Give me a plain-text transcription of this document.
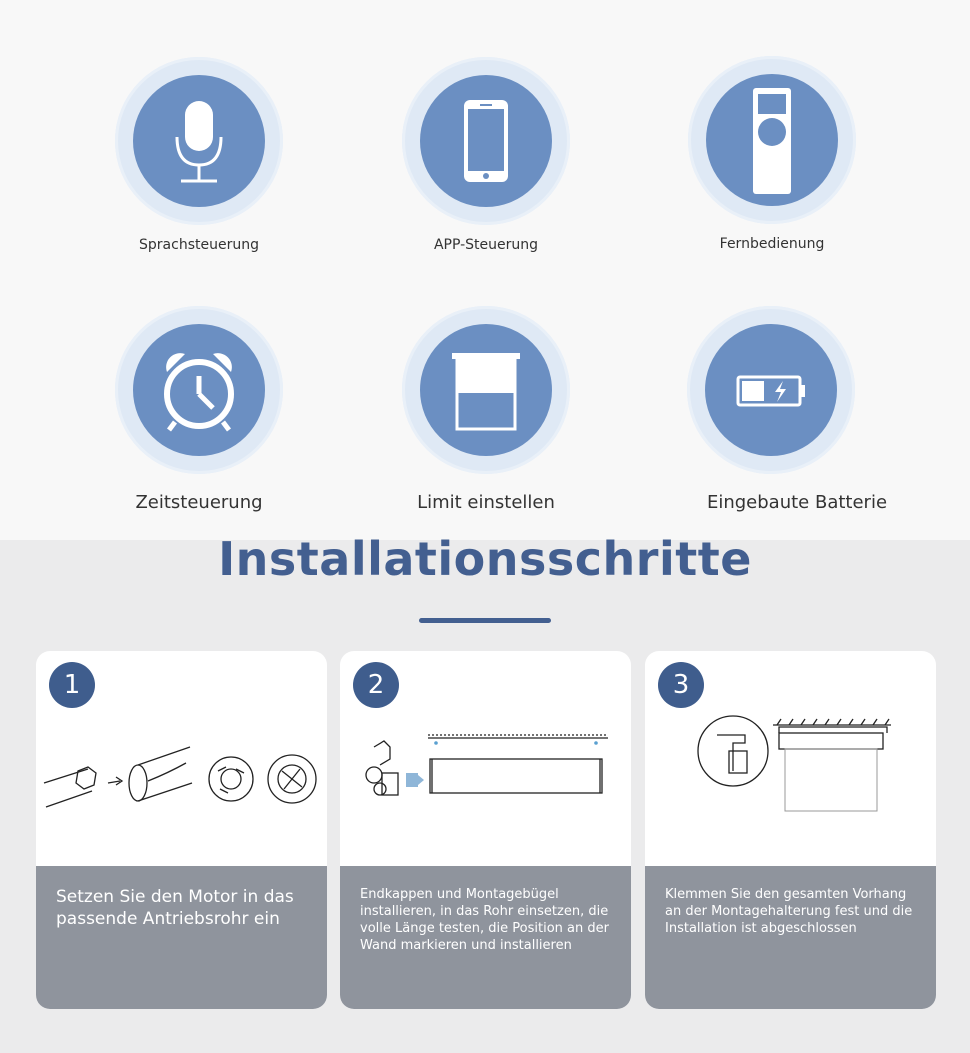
Sprachsteuerung	APP-Steuerung	Fernbedienung
Zeitsteuerung	Limit einstellen	Eingebaute Batterie
Installationsschritte
1
Setzen Sie den Motor in das passende Antriebsrohr ein
2
Endkappen und Montagebügel installieren, in das Rohr einsetzen, die volle Länge testen, die Position an der Wand markieren und installieren
3
Klemmen Sie den gesamten Vorhang an der Montagehalterung fest und die Installation ist abgeschlossen
